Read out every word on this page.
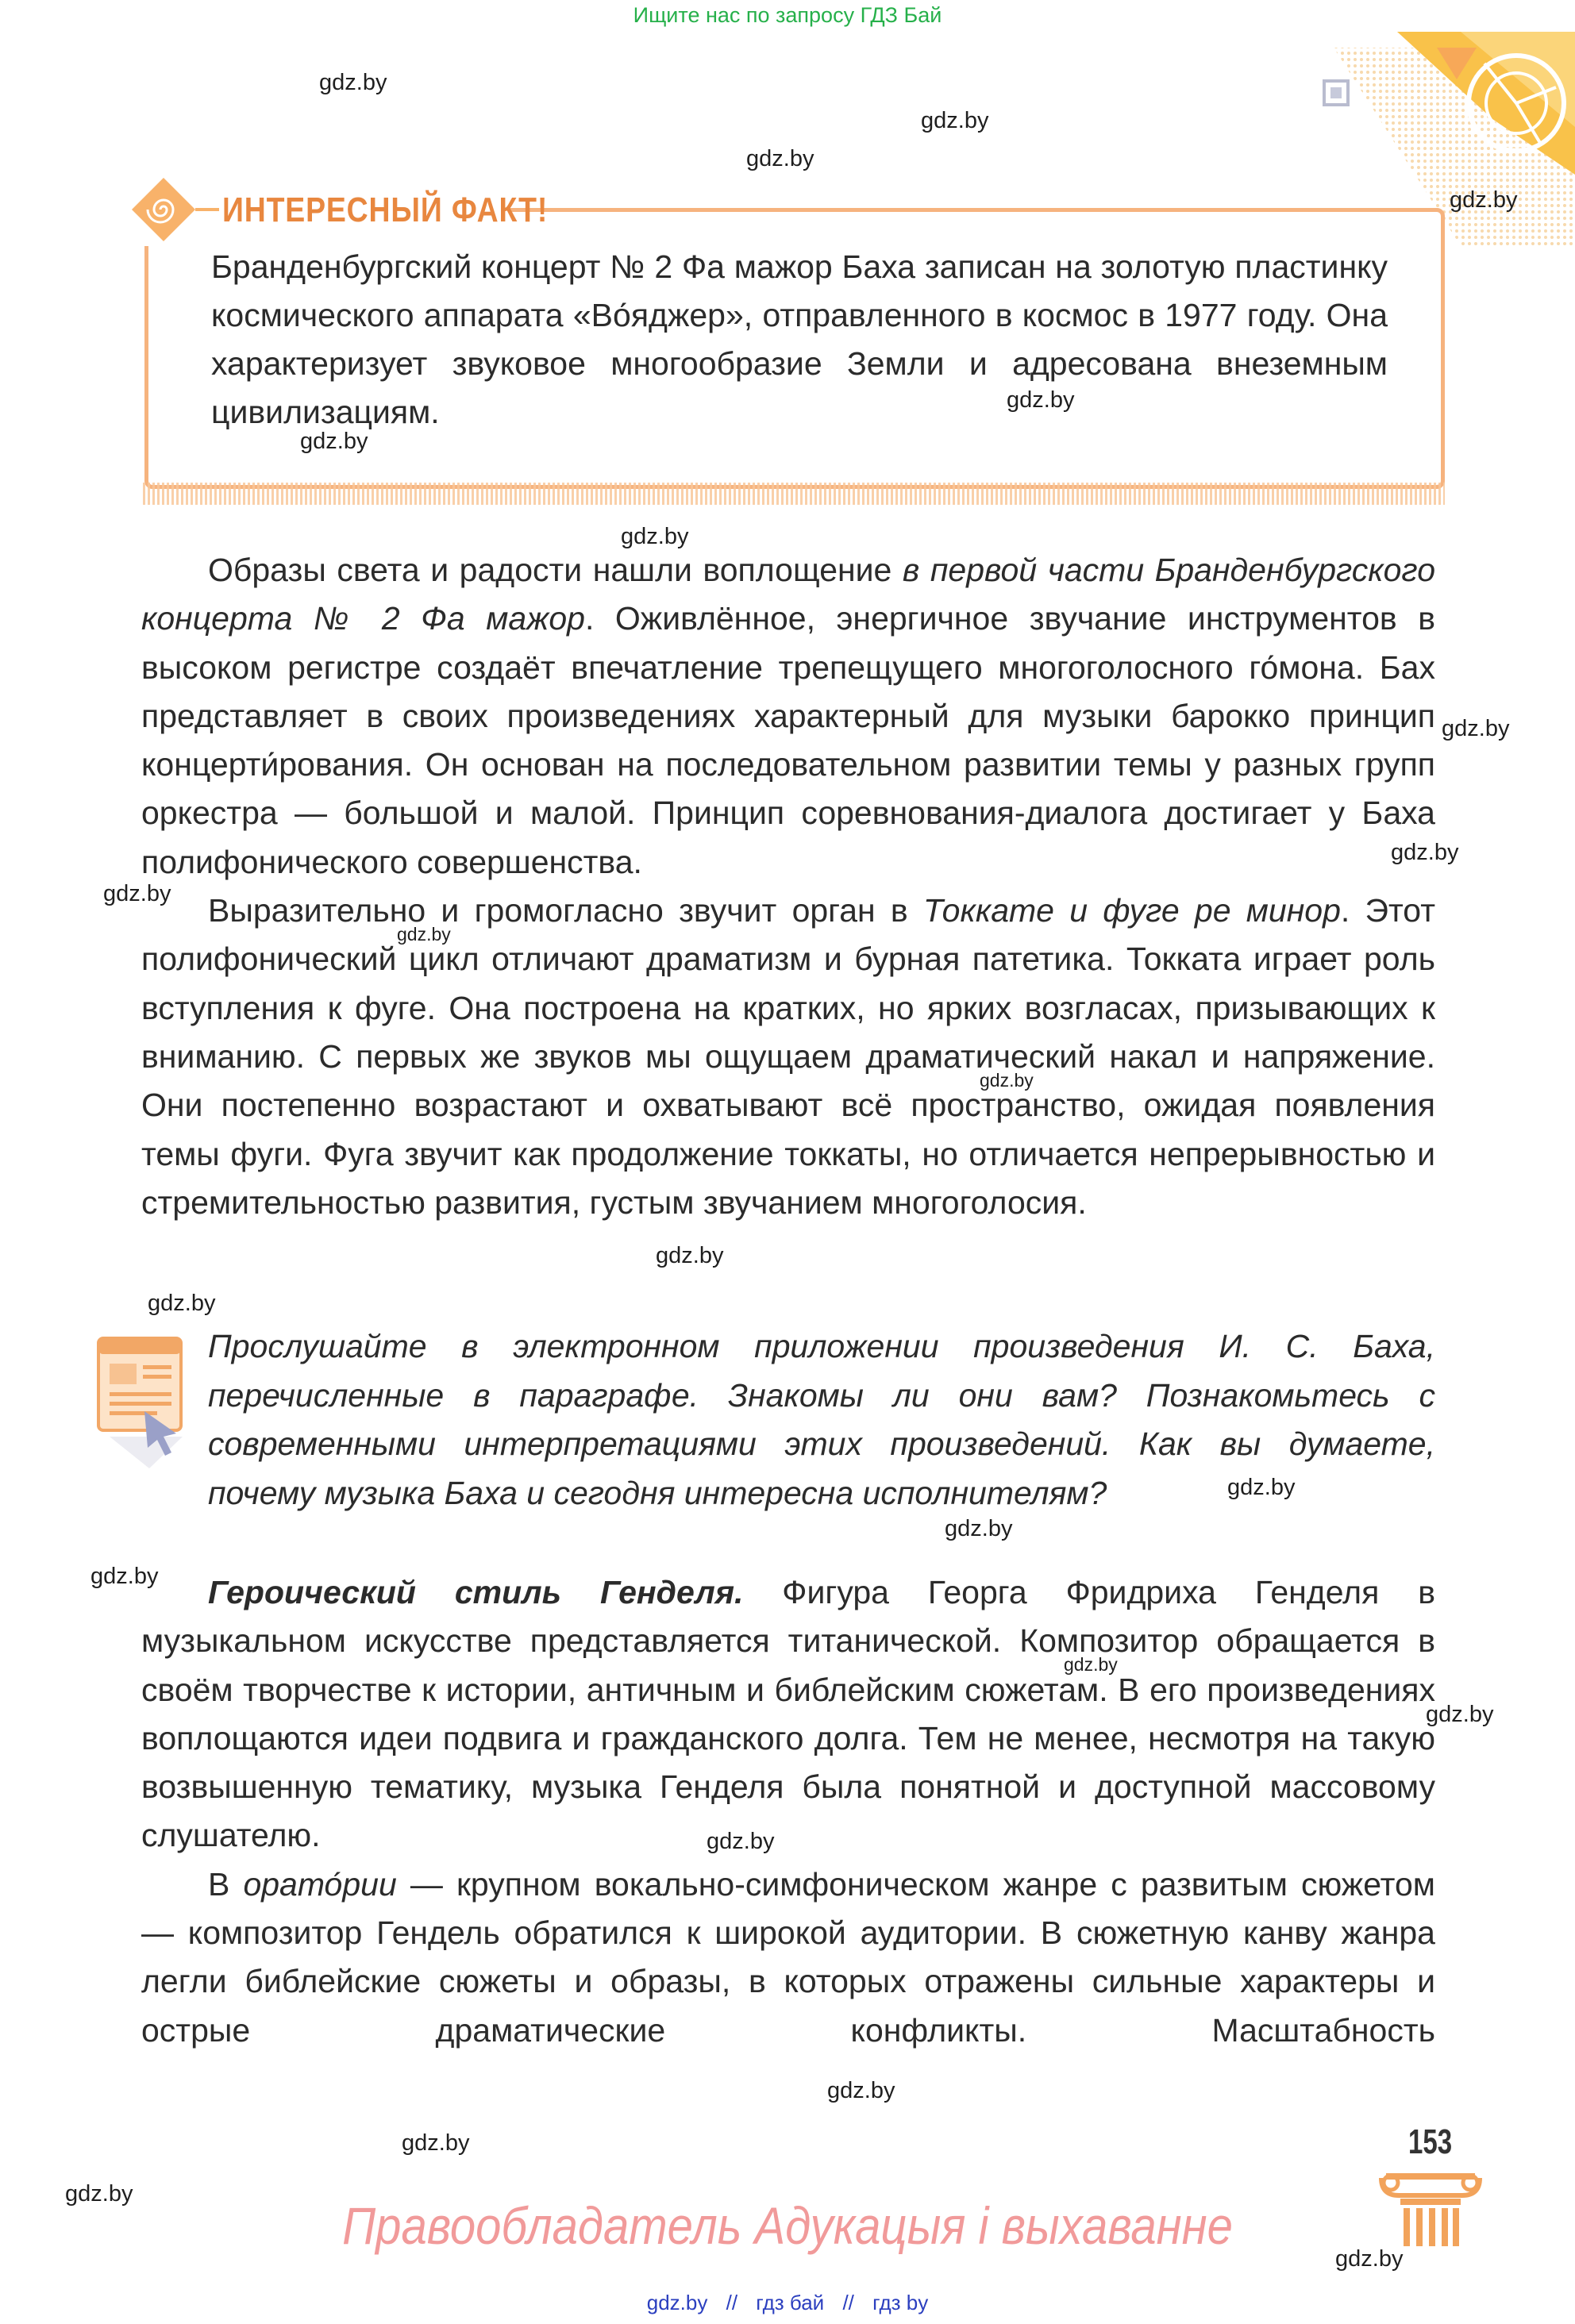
Ищите нас по запросу ГДЗ Бай
ИНТЕРЕСНЫЙ ФАКТ!
Бранденбургский концерт № 2 Фа мажор Баха записан на золотую пластинку космического аппарата «Во́яджер», отправленного в космос в 1977 году. Она характеризует звуковое многообразие Земли и адресована внеземным цивилизациям.

Образы света и радости нашли воплощение в первой части Бранденбургского концерта № 2 Фа мажор. Оживлённое, энергичное звучание инструментов в высоком регистре создаёт впечатление трепещущего многоголосного го́мона. Бах представляет в своих произведениях характерный для музыки барокко принцип концерти́рования. Он основан на последовательном развитии темы у разных групп оркестра — большой и малой. Принцип соревнования-диалога достигает у Баха полифонического совершенства.

Выразительно и громогласно звучит орган в Токкате и фуге ре минор. Этот полифонический цикл отличают драматизм и бурная патетика. Токката играет роль вступления к фуге. Она построена на кратких, но ярких возгласах, призывающих к вниманию. С первых же звуков мы ощущаем драматический накал и напряжение. Они постепенно возрастают и охватывают всё пространство, ожидая появления темы фуги. Фуга звучит как продолжение токкаты, но отличается непрерывностью и стремительностью развития, густым звучанием многоголосия.

Прослушайте в электронном приложении произведения И. С. Баха, перечисленные в параграфе. Знакомы ли они вам? Познакомьтесь с современными интерпретациями этих произведений. Как вы думаете, почему музыка Баха и сегодня интересна исполнителям?

Героический стиль Генделя. Фигура Георга Фридриха Генделя в музыкальном искусстве представляется титанической. Композитор обращается в своём творчестве к истории, античным и библейским сюжетам. В его произведениях воплощаются идеи подвига и гражданского долга. Тем не менее, несмотря на такую возвышенную тематику, музыка Генделя была понятной и доступной массовому слушателю.

В орато́рии — крупном вокально-симфоническом жанре с развитым сюжетом — композитор Гендель обратился к широкой аудитории. В сюжетную канву жанра легли библейские сюжеты и образы, в которых отражены сильные характеры и острые драматические конфликты. Масштабность

gdz.by
gdz.by
gdz.by
gdz.by
gdz.by
gdz.by
gdz.by
gdz.by
gdz.by
gdz.by
gdz.by
gdz.by
gdz.by
gdz.by
gdz.by
gdz.by
gdz.by
gdz.by
gdz.by
gdz.by
gdz.by
gdz.by
gdz.by
gdz.by
153
Правообладатель Адукацыя і выхаванне
gdz.by // гдз бай // гдз by
